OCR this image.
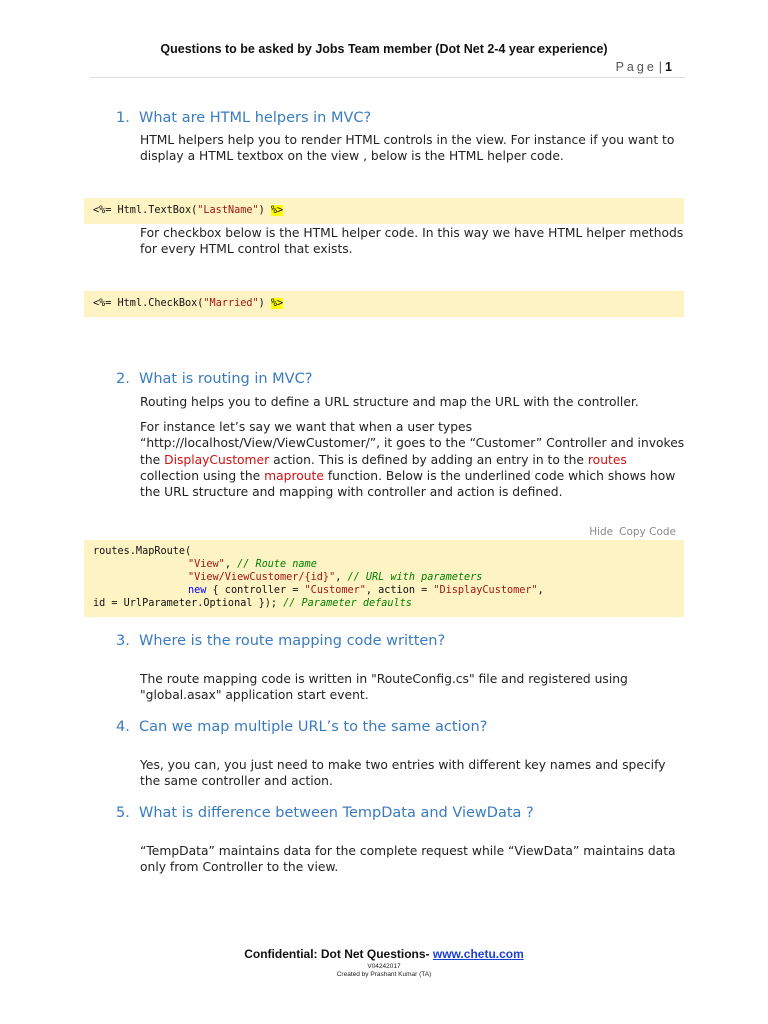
Questions to be asked by Jobs Team member (Dot Net 2-4 year experience)
Page | 1
1. What are HTML helpers in MVC?
HTML helpers help you to render HTML controls in the view. For instance if you want to display a HTML textbox on the view , below is the HTML helper code.
<%= Html.TextBox("LastName") %>
For checkbox below is the HTML helper code. In this way we have HTML helper methods for every HTML control that exists.
<%= Html.CheckBox("Married") %>
2. What is routing in MVC?
Routing helps you to define a URL structure and map the URL with the controller.
For instance let’s say we want that when a user types “http://localhost/View/ViewCustomer/”, it goes to the “Customer” Controller and invokes the DisplayCustomer action. This is defined by adding an entry in to the routes collection using the maproute function. Below is the underlined code which shows how the URL structure and mapping with controller and action is defined.
Hide Copy Code
routes.MapRoute(
"View", // Route name
"View/ViewCustomer/{id}", // URL with parameters
new { controller = "Customer", action = "DisplayCustomer",
id = UrlParameter.Optional }); // Parameter defaults
3. Where is the route mapping code written?
The route mapping code is written in "RouteConfig.cs" file and registered using "global.asax" application start event.
4. Can we map multiple URL’s to the same action?
Yes, you can, you just need to make two entries with different key names and specify the same controller and action.
5. What is difference between TempData and ViewData ?
“TempData” maintains data for the complete request while “ViewData” maintains data only from Controller to the view.
Confidential: Dot Net Questions- www.chetu.com
V04242017
Created by Prashant Kumar (TA)
